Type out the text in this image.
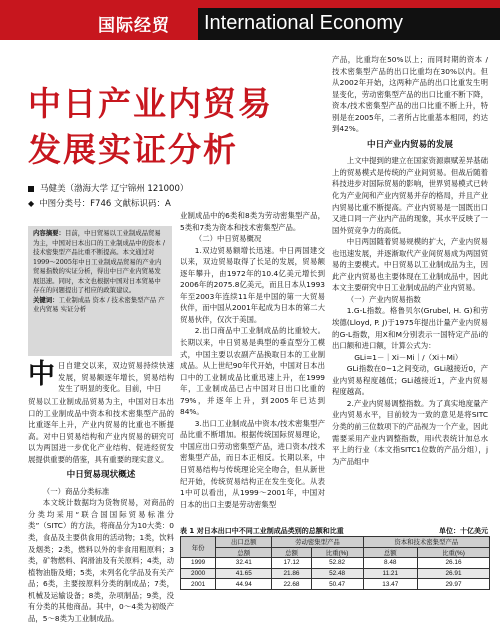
国际经贸 International Economy
中日产业内贸易
发展实证分析
马健美（渤海大学 辽宁锦州 121000）
◆ 中图分类号：F746 文献标识码：A
内容摘要：目前，中日贸易以工业制成品贸易为主，中国对日本出口的工业制成品中的资本 / 技术密集型产品比重不断提高。本文通过对1999～2005年中日工业制成品贸易的产业内贸易指数的实证分析，得出中日产业内贸易发展迅速。同时，本文也根据中国对日本贸易中存在的问题提出了相应的政策建议。
关键词：工业制成品 资本 / 技术密集型产品 产业内贸易 实证分析
中 日自建交以来，双边贸易持续快速发展，贸易额逐年增长，贸易结构发生了明显的变化。目前，中日

贸易以工业制成品贸易为主，中国对日本出口的工业制成品中资本和技术密集型产品的比重逐年上升，产业内贸易的比重也不断提高。对中日贸易结构和产业内贸易的研究可以为两国进一步优化产业结构、促进经贸发展提供重要的借鉴，具有重要的现实意义。

中日贸易现状概述

（一）商品分类标准

本文统计数据均为货物贸易，对商品的分类均采用“联合国国际贸易标准分类”（SITC）的方法，将商品分为10大类：0类，食品及主要供食用的活动物；1类，饮料及烟类；2类，燃料以外的非食用粗原料；3类，矿物燃料、润滑油及有关原料；4类，动植物油脂及蜡；5类，未列名化学品及有关产品；6类，主要按原料分类的制成品；7类，机械及运输设备；8类，杂项制品；9类，没有分类的其他商品。其中，0～4类为初级产品，5～8类为工业制成品。

业制成品中的6类和8类为劳动密集型产品，5类和7类为资本和技术密集型产品。

（二）中日贸易概况

1.双边贸易额增长迅速。中日两国建交以来，双边贸易取得了长足的发展，贸易额逐年攀升，由1972年的10.4亿美元增长到2006年的2075.8亿美元，而且日本从1993年至2003年连续11年是中国的第一大贸易伙伴，而中国从2001年起成为日本的第二大贸易伙伴，仅次于美国。

2.出口商品中工业制成品的比重较大。长期以来，中日贸易是典型的垂直型分工模式，中国主要以农副产品换取日本的工业制成品。从上世纪90年代开始，中国对日本出口中的工业制成品比重迅速上升，在1999年，工业制成品已占中国对日出口比重的79%，并逐年上升，到2005年已达到84%。

3.出口工业制成品中资本/技术密集型产品比重不断增加。根据传统国际贸易理论，中国应出口劳动密集型产品，进口资本/技术密集型产品，而日本正相反。长期以来，中日贸易结构与传统理论完全吻合，但从新世纪开始，传统贸易结构正在发生变化。从表1中可以看出，从1999～2001年，中国对日本的出口主要是劳动密集型

产品，比重均在50%以上；而同时期的资本 / 技术密集型产品的出口比重均在30%以内。但从2002年开始，这两种产品的出口比重发生明显变化，劳动密集型产品的出口比重不断下降，资本/技术密集型产品的出口比重不断上升，特别是在2005年，二者所占比重基本相同，约达到42%。

中日产业内贸易的发展

上文中提到的建立在国家资源禀赋差异基础上的贸易模式是传统的产业间贸易。但战后随着科技进步对国际贸易的影响，世界贸易模式已转化为产业间和产业内贸易并存的格局，并且产业内贸易比重不断提高。产业内贸易是一国既出口又进口同一产业内产品的现象，其水平反映了一国外贸竞争力的高低。

中日两国随着贸易规模的扩大，产业内贸易也迅速发展，并逐渐取代产业间贸易成为两国贸易的主要模式。中日贸易以工业制成品为主，因此产业内贸易也主要体现在工业制成品中，因此本文主要研究中日工业制成品的产业内贸易。

（一）产业内贸易指数

1.G-L指数。格鲁贝尔(Grubel, H. G)和劳埃德(Lloyd, P. J)于1975年提出计量产业内贸易的G-L指数，用X和M分别表示一国特定产品i的出口额和进口额，计算公式为：

GLi=1－｜Xi－Mi｜/（Xi＋Mi）

GLi指数在0~1之间变动，GLi越接近0，产业内贸易程度越低；GLi越接近1，产业内贸易程度越高。

2.产业内贸易调整指数。为了真实地度量产业内贸易水平，目前较为一致的意见是将SITC分类的前三位数项下的产品视为一个产业，因此需要采用产业内调整指数，用i代表统计加总水平上的行业（本文指SITC1位数的产品分组），j为产品组中

表 1 对日本出口中不同工业制成品类别的总额和比重	单位：十亿美元
年份	出口总额	劳动密集型产品		资本和技术密集型产品	
	总额	总额	比重(%)	总额	比重(%)
1999	32.41	17.12	52.82	8.48	26.16
2000	41.65	21.86	52.48	11.21	26.91
2001	44.94	22.68	50.47	13.47	29.97
